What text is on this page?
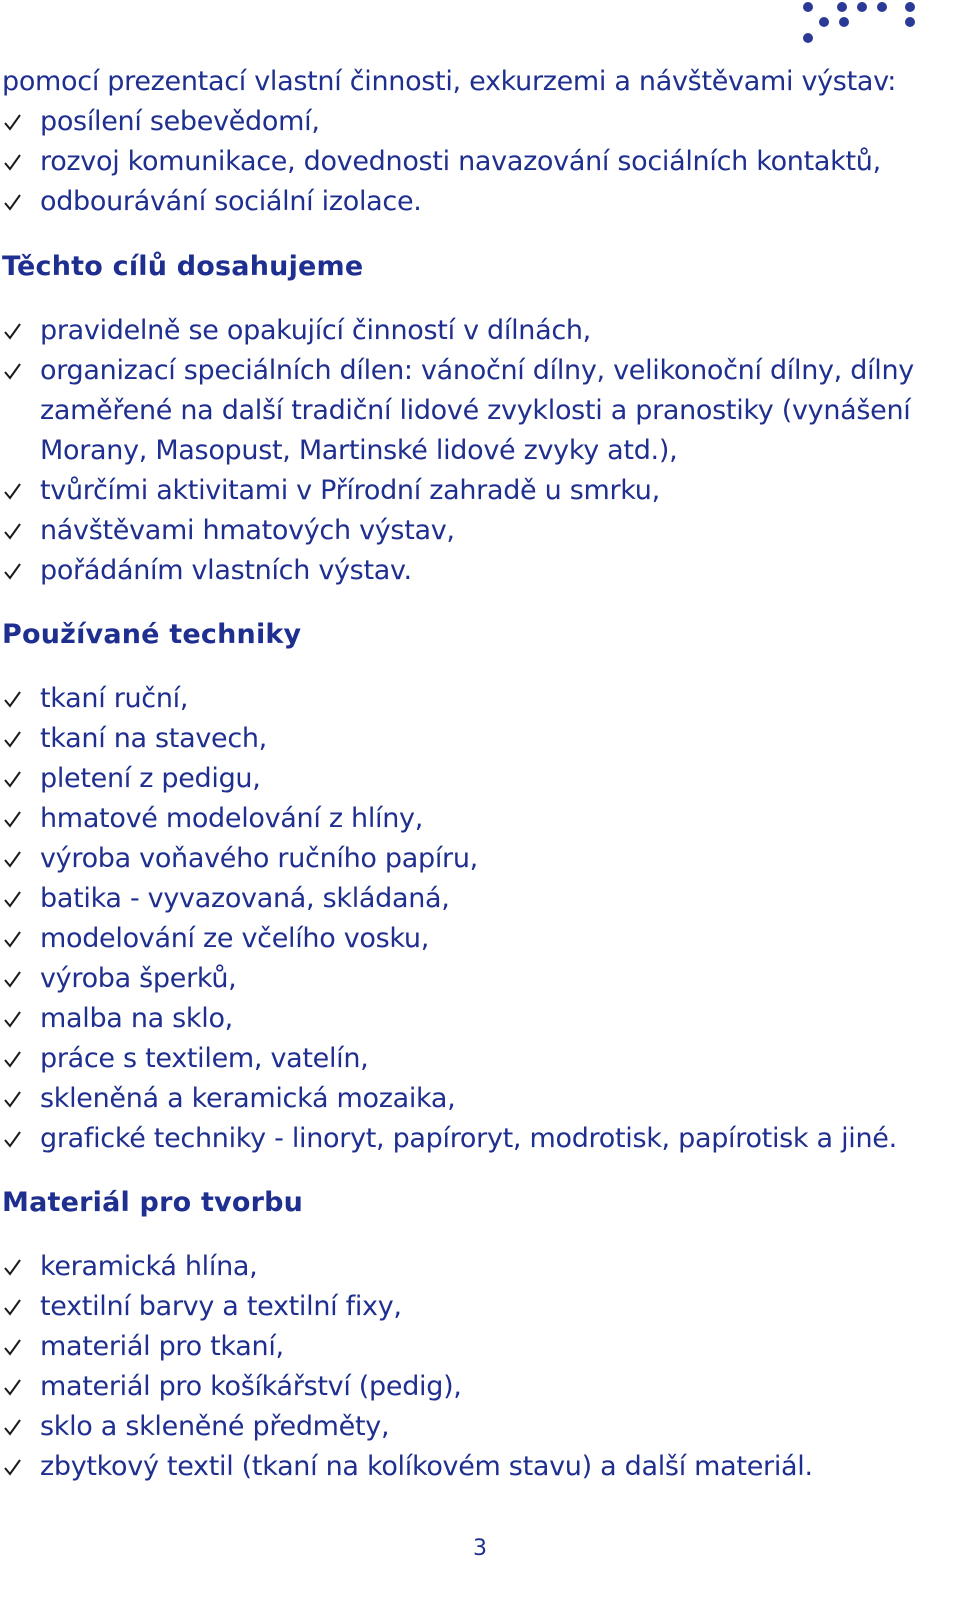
pomocí prezentací vlastní činnosti, exkurzemi a návštěvami výstav:

posílení sebevědomí,
rozvoj komunikace, dovednosti navazování sociálních kontaktů,
odbourávání sociální izolace.
Těchto cílů dosahujeme
pravidelně se opakující činností v dílnách,
organizací speciálních dílen: vánoční dílny, velikonoční dílny, dílny zaměřené na další tradiční lidové zvyklosti a pranostiky (vynášení Morany, Masopust, Martinské lidové zvyky atd.),
tvůrčími aktivitami v Přírodní zahradě u smrku,
návštěvami hmatových výstav,
pořádáním vlastních výstav.
Používané techniky
tkaní ruční,
tkaní na stavech,
pletení z pedigu,
hmatové modelování z hlíny,
výroba voňavého ručního papíru,
batika - vyvazovaná, skládaná,
modelování ze včelího vosku,
výroba šperků,
malba na sklo,
práce s textilem, vatelín,
skleněná a keramická mozaika,
grafické techniky - linoryt, papíroryt, modrotisk, papírotisk a jiné.
Materiál pro tvorbu
keramická hlína,
textilní barvy a textilní fixy,
materiál pro tkaní,
materiál pro košíkářství (pedig),
sklo a skleněné předměty,
zbytkový textil (tkaní na kolíkovém stavu) a další materiál.
3
